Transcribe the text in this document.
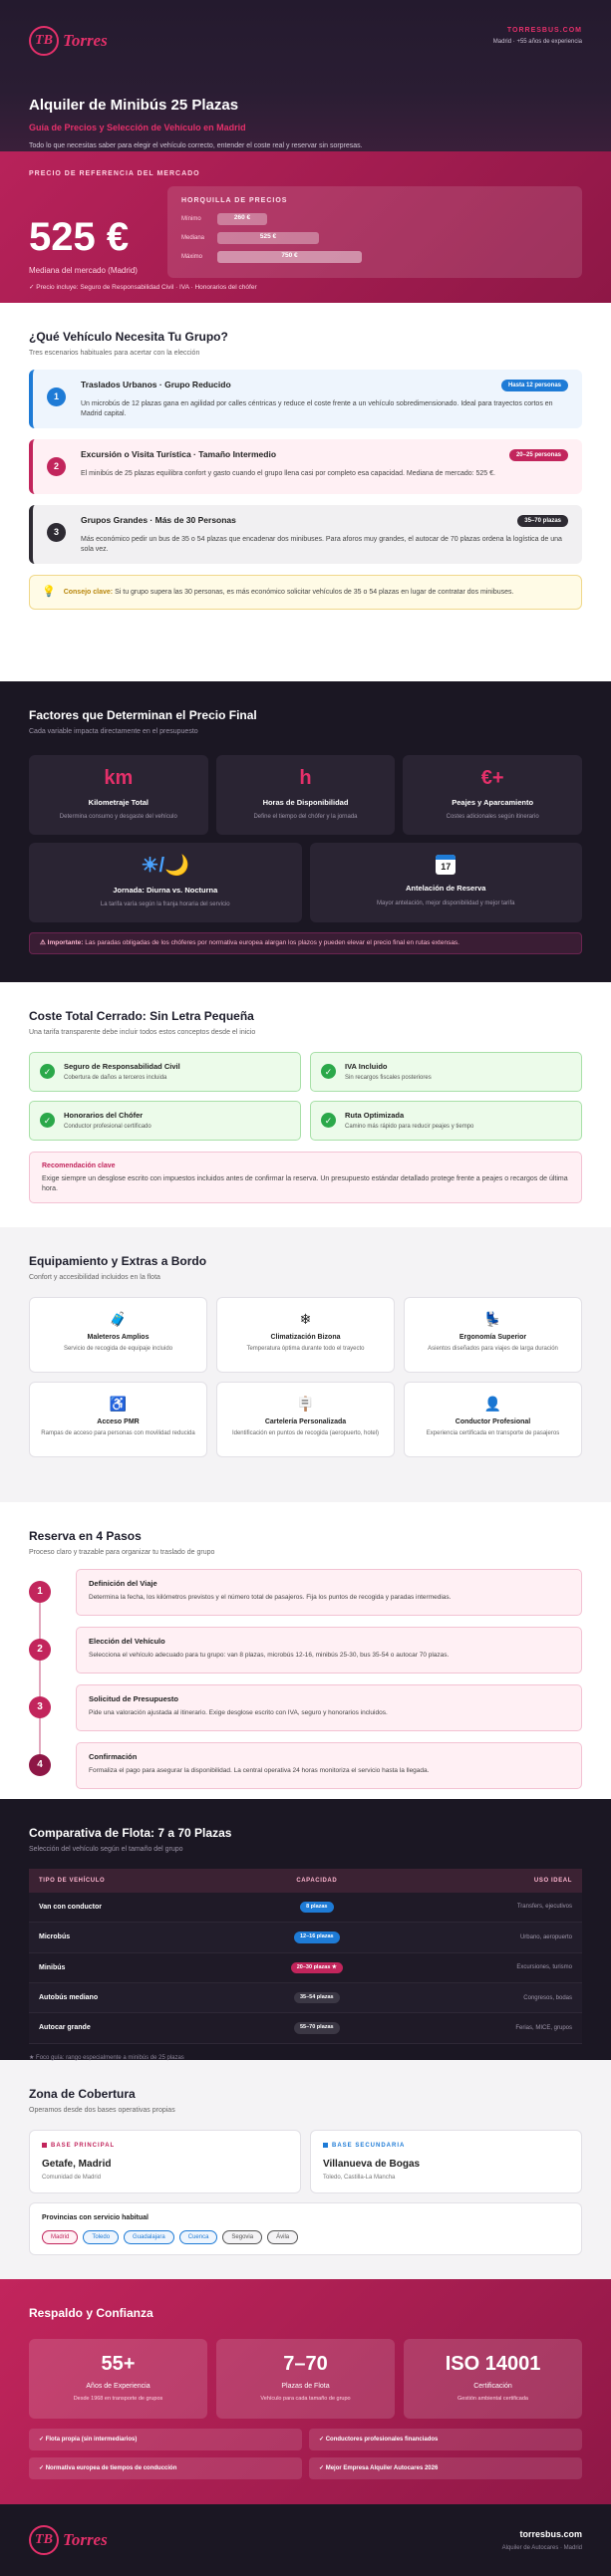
TB Torres
TORRESBUS.COM
Madrid · +55 años de experiencia
Alquiler de Minibús 25 Plazas
Guía de Precios y Selección de Vehículo en Madrid
Todo lo que necesitas saber para elegir el vehículo correcto, entender el coste real y reservar sin sorpresas.
PRECIO DE REFERENCIA DEL MERCADO
525 €
Mediana del mercado (Madrid)
HORQUILLA DE PRECIOS
Mínimo	260 €
Mediana	525 €
Máximo	750 €
✓ Precio incluye: Seguro de Responsabilidad Civil · IVA · Honorarios del chófer
¿Qué Vehículo Necesita Tu Grupo?
Tres escenarios habituales para acertar con la elección
1
Traslados Urbanos · Grupo Reducido	Hasta 12 personas
Un microbús de 12 plazas gana en agilidad por calles céntricas y reduce el coste frente a un vehículo sobredimensionado. Ideal para trayectos cortos en Madrid capital.
2
Excursión o Visita Turística · Tamaño Intermedio	20–25 personas
El minibús de 25 plazas equilibra confort y gasto cuando el grupo llena casi por completo esa capacidad. Mediana de mercado: 525 €.
3
Grupos Grandes · Más de 30 Personas	35–70 plazas
Más económico pedir un bus de 35 o 54 plazas que encadenar dos minibuses. Para aforos muy grandes, el autocar de 70 plazas ordena la logística de una sola vez.
💡 Consejo clave: Si tu grupo supera las 30 personas, es más económico solicitar vehículos de 35 o 54 plazas en lugar de contratar dos minibuses.
Factores que Determinan el Precio Final
Cada variable impacta directamente en el presupuesto
km
Kilometraje Total
Determina consumo y desgaste del vehículo
h
Horas de Disponibilidad
Define el tiempo del chófer y la jornada
€+
Peajes y Aparcamiento
Costes adicionales según itinerario
☀/🌙
Jornada: Diurna vs. Nocturna
La tarifa varía según la franja horaria del servicio
17
Antelación de Reserva
Mayor antelación, mejor disponibilidad y mejor tarifa
⚠ Importante: Las paradas obligadas de los chóferes por normativa europea alargan los plazos y pueden elevar el precio final en rutas extensas.
Coste Total Cerrado: Sin Letra Pequeña
Una tarifa transparente debe incluir todos estos conceptos desde el inicio
✓
Seguro de Responsabilidad Civil
Cobertura de daños a terceros incluida
✓
IVA Incluido
Sin recargos fiscales posteriores
✓
Honorarios del Chófer
Conductor profesional certificado
✓
Ruta Optimizada
Camino más rápido para reducir peajes y tiempo
Recomendación clave
Exige siempre un desglose escrito con impuestos incluidos antes de confirmar la reserva. Un presupuesto estándar detallado protege frente a peajes o recargos de última hora.
Equipamiento y Extras a Bordo
Confort y accesibilidad incluidos en la flota
🧳
Maleteros Amplios
Servicio de recogida de equipaje incluido
❄
Climatización Bizona
Temperatura óptima durante todo el trayecto
💺
Ergonomía Superior
Asientos diseñados para viajes de larga duración
♿
Acceso PMR
Rampas de acceso para personas con movilidad reducida
🪧
Cartelería Personalizada
Identificación en puntos de recogida (aeropuerto, hotel)
👤
Conductor Profesional
Experiencia certificada en transporte de pasajeros
Reserva en 4 Pasos
Proceso claro y trazable para organizar tu traslado de grupo
1
Definición del Viaje
Determina la fecha, los kilómetros previstos y el número total de pasajeros. Fija los puntos de recogida y paradas intermedias.
2
Elección del Vehículo
Selecciona el vehículo adecuado para tu grupo: van 8 plazas, microbús 12-16, minibús 25-30, bus 35-54 o autocar 70 plazas.
3
Solicitud de Presupuesto
Pide una valoración ajustada al itinerario. Exige desglose escrito con IVA, seguro y honorarios incluidos.
4
Confirmación
Formaliza el pago para asegurar la disponibilidad. La central operativa 24 horas monitoriza el servicio hasta la llegada.
Comparativa de Flota: 7 a 70 Plazas
Selección del vehículo según el tamaño del grupo
TIPO DE VEHÍCULO	CAPACIDAD	USO IDEAL
Van con conductor	8 plazas	Transfers, ejecutivos
Microbús	12–16 plazas	Urbano, aeropuerto
Minibús	20–30 plazas ★	Excursiones, turismo
Autobús mediano	35–54 plazas	Congresos, bodas
Autocar grande	55–70 plazas	Ferias, MICE, grupos
★ Foco guía: rango especialmente a minibús de 25 plazas
Zona de Cobertura
Operamos desde dos bases operativas propias
BASE PRINCIPAL
Getafe, Madrid
Comunidad de Madrid
BASE SECUNDARIA
Villanueva de Bogas
Toledo, Castilla-La Mancha
Provincias con servicio habitual
Madrid	Toledo	Guadalajara	Cuenca	Segovia	Ávila
Respaldo y Confianza
55+
Años de Experiencia
Desde 1968 en transporte de grupos
7–70
Plazas de Flota
Vehículo para cada tamaño de grupo
ISO 14001
Certificación
Gestión ambiental certificada
✓ Flota propia (sin intermediarios)	✓ Conductores profesionales financiados
✓ Normativa europea de tiempos de conducción	✓ Mejor Empresa Alquiler Autocares 2026
TB Torres	torresbus.com
Alquiler de Autocares · Madrid
